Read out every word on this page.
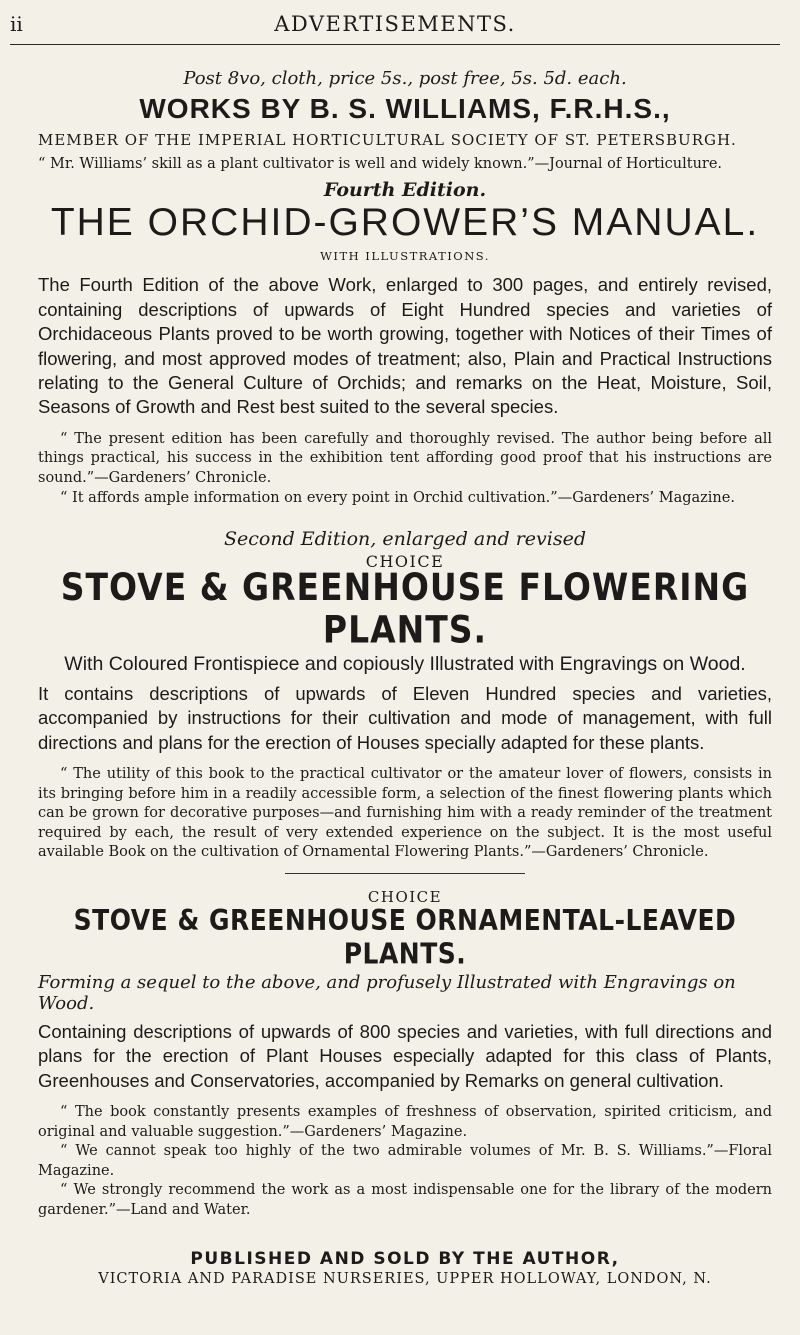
ii	ADVERTISEMENTS.

Post 8vo, cloth, price 5s., post free, 5s. 5d. each.

WORKS BY B. S. WILLIAMS, F.R.H.S.,

MEMBER OF THE IMPERIAL HORTICULTURAL SOCIETY OF ST. PETERSBURGH.

“ Mr. Williams’ skill as a plant cultivator is well and widely known.”—Journal of Horticulture.

Fourth Edition.

THE ORCHID-GROWER’S MANUAL.

WITH ILLUSTRATIONS.

The Fourth Edition of the above Work, enlarged to 300 pages, and entirely revised, containing descriptions of upwards of Eight Hundred species and varieties of Orchidaceous Plants proved to be worth growing, together with Notices of their Times of flowering, and most approved modes of treatment; also, Plain and Practical Instructions relating to the General Culture of Orchids; and remarks on the Heat, Moisture, Soil, Seasons of Growth and Rest best suited to the several species.

“ The present edition has been carefully and thoroughly revised. The author being before all things practical, his success in the exhibition tent affording good proof that his instructions are sound.”—Gardeners’ Chronicle.

“ It affords ample information on every point in Orchid cultivation.”—Gardeners’ Magazine.

Second Edition, enlarged and revised

CHOICE

STOVE & GREENHOUSE FLOWERING PLANTS.

With Coloured Frontispiece and copiously Illustrated with Engravings on Wood.

It contains descriptions of upwards of Eleven Hundred species and varieties, accompanied by instructions for their cultivation and mode of management, with full directions and plans for the erection of Houses specially adapted for these plants.

“ The utility of this book to the practical cultivator or the amateur lover of flowers, consists in its bringing before him in a readily accessible form, a selection of the finest flowering plants which can be grown for decorative purposes—and furnishing him with a ready reminder of the treatment required by each, the result of very extended experience on the subject. It is the most useful available Book on the cultivation of Ornamental Flowering Plants.”—Gardeners’ Chronicle.

CHOICE

STOVE & GREENHOUSE ORNAMENTAL-LEAVED PLANTS.

Forming a sequel to the above, and profusely Illustrated with Engravings on Wood.

Containing descriptions of upwards of 800 species and varieties, with full directions and plans for the erection of Plant Houses especially adapted for this class of Plants, Greenhouses and Conservatories, accompanied by Remarks on general cultivation.

“ The book constantly presents examples of freshness of observation, spirited criticism, and original and valuable suggestion.”—Gardeners’ Magazine.

“ We cannot speak too highly of the two admirable volumes of Mr. B. S. Williams.”—Floral Magazine.

“ We strongly recommend the work as a most indispensable one for the library of the modern gardener.”—Land and Water.

PUBLISHED AND SOLD BY THE AUTHOR,

VICTORIA AND PARADISE NURSERIES, UPPER HOLLOWAY, LONDON, N.
